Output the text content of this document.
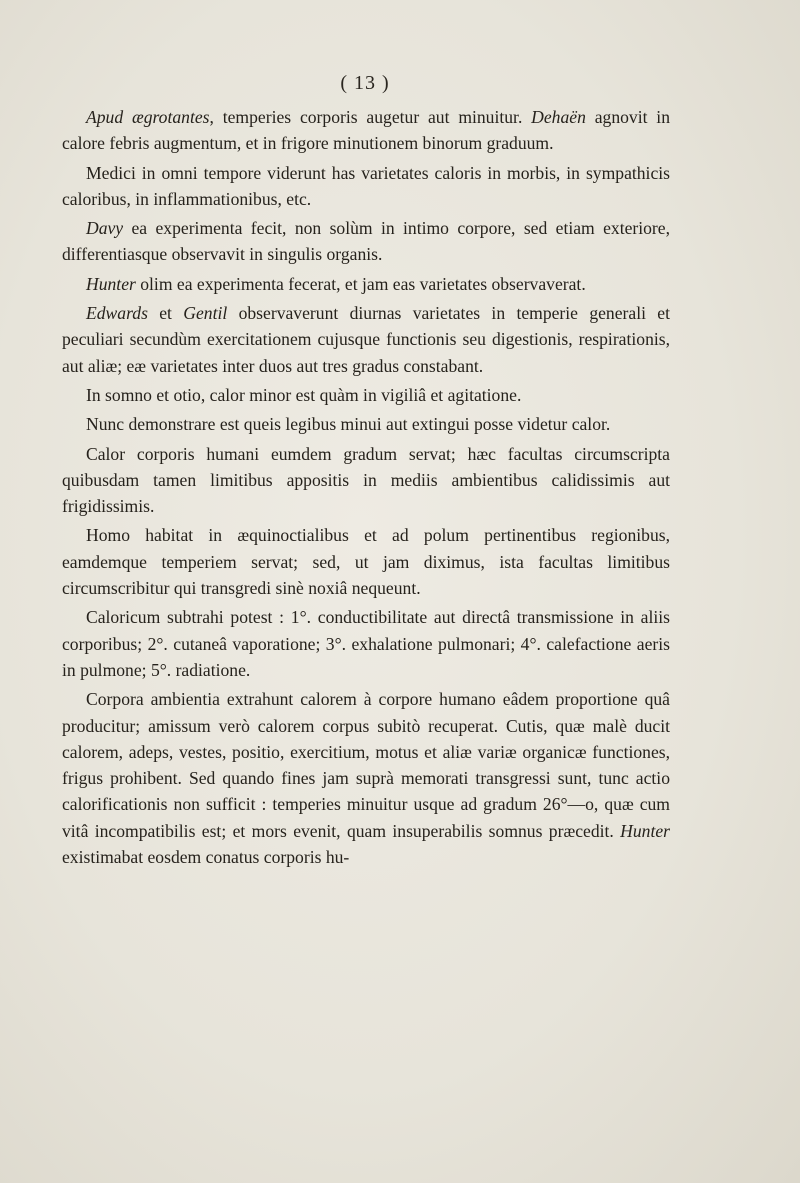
( 13 )

Apud ægrotantes, temperies corporis augetur aut minuitur. Dehaën agnovit in calore febris augmentum, et in frigore minutionem binorum graduum.

Medici in omni tempore viderunt has varietates caloris in morbis, in sympathicis caloribus, in inflammationibus, etc.

Davy ea experimenta fecit, non solùm in intimo corpore, sed etiam exteriore, differentiasque observavit in singulis organis.

Hunter olim ea experimenta fecerat, et jam eas varietates observaverat.

Edwards et Gentil observaverunt diurnas varietates in temperie generali et peculiari secundùm exercitationem cujusque functionis seu digestionis, respirationis, aut aliæ; eæ varietates inter duos aut tres gradus constabant.

In somno et otio, calor minor est quàm in vigiliâ et agitatione.

Nunc demonstrare est queis legibus minui aut extingui posse videtur calor.

Calor corporis humani eumdem gradum servat; hæc facultas circumscripta quibusdam tamen limitibus appositis in mediis ambientibus calidissimis aut frigidissimis.

Homo habitat in æquinoctialibus et ad polum pertinentibus regionibus, eamdemque temperiem servat; sed, ut jam diximus, ista facultas limitibus circumscribitur qui transgredi sinè noxiâ nequeunt.

Caloricum subtrahi potest : 1°. conductibilitate aut directâ transmissione in aliis corporibus; 2°. cutaneâ vaporatione; 3°. exhalatione pulmonari; 4°. calefactione aeris in pulmone; 5°. radiatione.

Corpora ambientia extrahunt calorem à corpore humano eâdem proportione quâ producitur; amissum verò calorem corpus subitò recuperat. Cutis, quæ malè ducit calorem, adeps, vestes, positio, exercitium, motus et aliæ variæ organicæ functiones, frigus prohibent. Sed quando fines jam suprà memorati transgressi sunt, tunc actio calorificationis non sufficit : temperies minuitur usque ad gradum 26°—o, quæ cum vitâ incompatibilis est; et mors evenit, quam insuperabilis somnus præcedit. Hunter existimabat eosdem conatus corporis hu-
